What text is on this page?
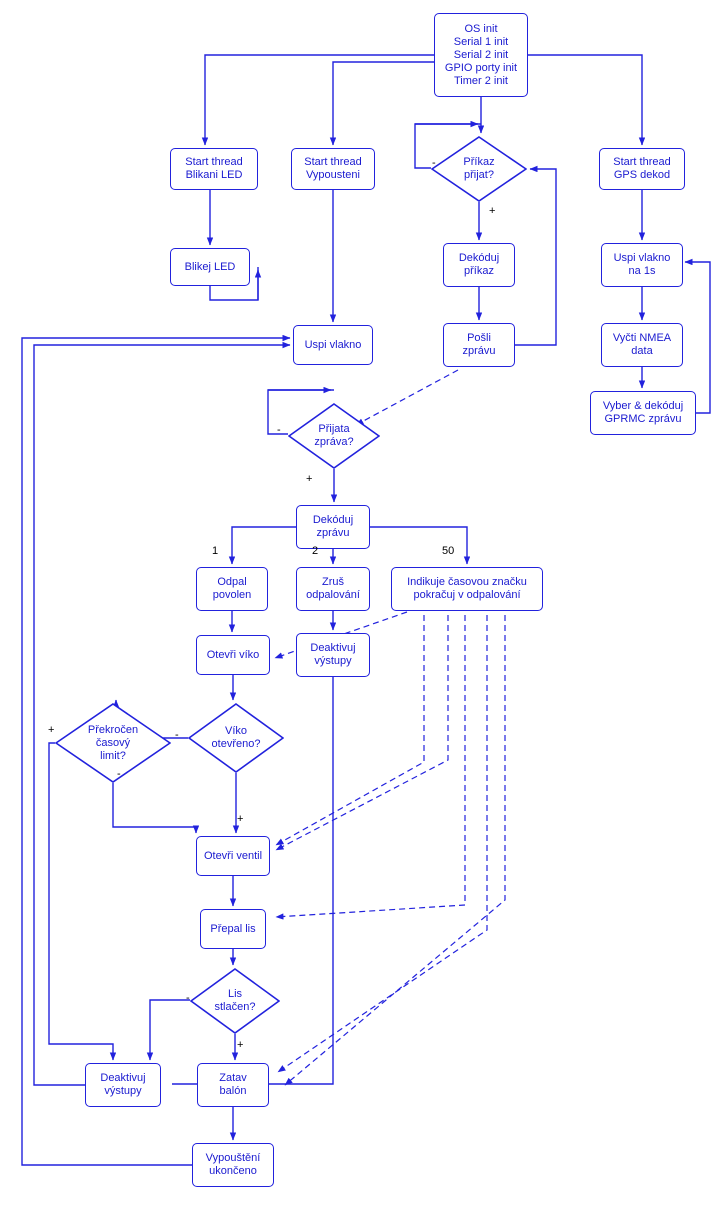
OS init
Serial 1 init
Serial 2 init
GPIO porty init
Timer 2 init
Start thread
Blikani LED
Start thread
Vypousteni
Příkaz
přijat?
Start thread
GPS dekod
Blikej LED
Dekóduj
příkaz
Uspi vlakno
na 1s
Pošli
zprávu
Vyčti NMEA
data
Uspi vlakno
Vyber & dekóduj
GPRMC zprávu
Přijata
zpráva?
Dekóduj
zprávu
Odpal
povolen
Zruš
odpalování
Indikuje časovou značku
pokračuj v odpalování
Otevři víko
Deaktivuj
výstupy
Překročen
časový
limit?
Víko
otevřeno?
Otevři ventil
Přepal lis
Lis
stlačen?
Deaktivuj
výstupy
Zatav
balón
Vypouštění
ukončeno
-
+
-
+
1	2	50
-
+
-
+
-
+
